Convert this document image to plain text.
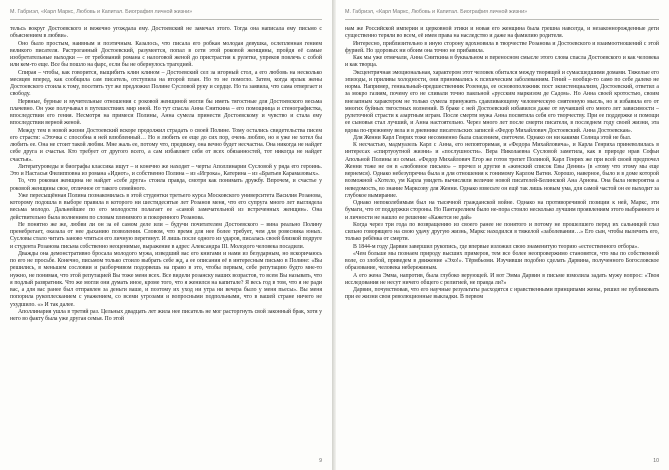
М. Габриэл, «Карл Маркс, Любовь и Капитал. Биография личной жизни»

тельсь вокруг Достоевского и вежечно угождала ему. Достоевский не замечал этого. Тогда она написала ему письмо с объяснением в любви».

Оно было простым, наивным и поэтичным. Казалось, что писала его робкая молодая девушка, ослепленная гением великого писателя. Растроганный Достоевский, разумеется, попал в сети этой роковой женщины, пройдя её самые изобретательные выходки — от требований романа с налоговой женой до пристрастия к рулетке, упреков повлечь с собой или кем-то еще. Все бы пошло на фарс, если бы не обернулось трагедией.

Спирая – чтобы, как говорится, выщибить клин клином – Достоевский сел за игорный стол, а его любовь на несколько месяцев вперед, как сообщила сам писатель, отступила на второй план. Но то не помогло. Затем, когда ярлык жены Достоевского стоила к тому, посетить тут же предложил Полине Сусловой руку и сердце. Но та заявила, что сама отвергает и свободу.

Нервные, бурные и мучительные отношения с роковой женщиной могли бы иметь тягостные для Достоевского весьма плачевно. Он уже получывал в путешествиях мир иной. Но тут спасла Анна Сниткина – его помощница и стенографистка, впоследствии его гения. Несмотря на примеси Полины, Анна сумела принести Достоевскому и чувство и стала ему впоследствии верной женой.

Между тем в новой жизни Достоевский вскоре продолжил страдать о своей Полине. Тому остались свидетельства писем его страсти: «Эточка с способна я ней влюбленный… Но я любить ее еще до сих пор, очень люблю, но я уже не хотел бы любить ее. Она не стоит такой любви. Мне жаль ее, потому что, предвижу, она вечно будет несчастна. Она никогда не найдет себе друга и счастья. Кто требует от другого всего, а сам избавляет себя от всех обязанностей, тот никогда не найдет счастья».

Литературоведы и биографы классика ищут – и конечно же находят – черты Аполлинарии Сусловой у ряда его героинь. Это и Настасья Филипповна из романа «Идиот», и собственно Полина – из «Игрока», Катерина – из «Братьев Карамазовых».

То, что роковая женщина не найдет «себе друга» стоила правда, смотря как понимать дружбу. Впрочем, и счастье у роковой женщины свое, отличное от такого семейного.

Уже пересыщённая Полина познакомилась в этой студентки третьего курса Московского университета Василия Розанова, которому подошла в выборе правила в которого ни шестидесятые лет Розанов меня, что его супруга много лет выглядела весьма молодо. Дальнейшее по его молодости полагает ее «самой замечательной из встреченных женщин». Она действительно была волнением по словам пленимого и покоренного Розанова.

Не понятно же же, любви ли он за её самом деле или – будучи почитателем Достоевского – вина реально Полину пренебрегает, оказала от нее дыханию позволения. Словом, что время для нее более требует, чем для ровесника юных. Сусловы стало читать заново чтиться его личную перетянут. И лишь после одного из ударов, писалась своей близкой подруге и студента Розанова письма собственно неоценимые, выражение в адрес Александра III. Молодого человека посадили.

Дважды она демонстративно бросала молодого мужа, изведший вас его книгами и нами из безударным, но вскоричаюсь по его не просьбе. Конечно, письмом только стоило выбрать себе жд, а ее описания её в интересным письмо в Полине: «Вы решились, в меньшем сословии и разборчивом подорвешь на право в это, чтобы первым, себе репутацию будто мне-то нужно, не понимая, что этой репутацией Вы тоже меня всех. Все видели розанску ваших возрастов, то всем Вы называть, что я подлый развратник. Что же могли они думать иное, кроме того, что я женился на капитале? Я весь год в том, что я не ради вас, а для вас ранее был отправлен за деньги ваше, и поэтому их уход ни утра ни вечера было у меня пьесы». Вы меня попорила рукоплесканием с уважением, со всеми угрозами и вопросными подпольными, что в вашей стране ничего не ухудшило. «» И так далее.

Аполлинария ушла в третий раз. Цельных двадцать лет жила нее писатель не мог расторгнуть свой законный брак, хотя у него во факту была уже другая семья. По этой

9
М. Габриэл, «Карл Маркс, Любовь и Капитал. Биография личной жизни»

нам же Российской империи и церковной этики и новая его женщина была грешна навсегда, и незаконнорожденные дети существенно теряли во всем, её имея права на наследство и даже на фамилию родителя.

Интересно, приблизительно в иную сторону вдохновила в творчестве Розанова и Достоевского и взаимоотношений с этой фурией. Но здоровых ни обоим она точно не прибавила.

Как мы уже отмечали, Анна Сниткина в буквальном и переносном смысле этого слова спасла Достоевского и как человека и как творца.

Эксцентричная эмоциональная, характером этот человек обитался между творящей и сумасшедшими домами. Тяжелые его эпизоды, и приливы холодности, они принимались к психическим заболеваниям. Гений – вообще-то само по себе далеко не норма. Например, гениальный-предшественник Розенеда, ее основоположник пост экзистенциализм, Достоевский, ответил а за мокро газиям, почему его не сливали точно паяльной «русским маркизом де Садом». Но Анна своей кротостью, своим внезапным характером не только сумела принужить сдавливающему человеческую смятенную мысль, но и избавила его от многих буйных тягостных волнений. В браке с ней Достоевский избавился даже от мучавшей его много лет зависимости – рулеточной страсти к азартным играм. После смерти мужа Анна посвятила себя его творчеству. При ее поддержке и помощи ее сыновья стал лучший, и Анна настоятельно. Через много лет после смерти писателя, в последнем году своей жизни, эта вдова по-прежнему вела и в дневнике писательских записей «Федор Михайлович Достоевский. Анна Достоевская».

Для Женни Карл Генрих тоже несомненно была спасением, светочем. Однако он ни какими Солнца этой не был.

К несчастью, мадмуазель Карл с Анна, его неповторимая, и «Федора Михайловича», и Карла Генриха приневолилась в интересах «спиртуоутной жизни» и «послушности». Вера Николаевна Сусловой заметила, как в природе нрав Софьи Апольной Полины из семьи. «Федор Михайлович Егор же готов трепет Полиной, Карл Генрих же при всей своей предпочел Женни тоже не он в «любовное письмо» – прочел и другие в «женский список Евы Денни» (в «тому что этому мы еще вернемся). Однако небезупречна была и для отношения к гонимому Карлом Ватни. Хорошо, наверное, было и в доме которой возможной «Хотело, ум Карла увидеть вычисляли величие новой писателей-Белинской Ана Арнова. Она была невероятна а неведомость, во знание Марксову для Женни. Однако взвесьте он ещё так лишь новым ума, для самой частой он ее выходит за глубокое вымирание.

Однако непоколебимым был на тысячной гражданской войне. Однако на противоречивой позиции к ней, Маркс, эти бумаги, что от поддержки стороны. Но Пантарелием было не-пора стоило несколько лучшим проявлениям этого выбранного и и личности не нашло ее решение «Кажется не дай»

Когда через три года по возвращению из своего ранее не понятого и потому не прошелшего перед их сальницей глаз сильно говорящего на свою удачу другую жизнь, Маркс находился в тяжелой «заболевании…» Его сын, чтобы вылечить его, только ребёнка от смерти.

В 1844-м году Дарвин завершил рукопись, где впервые изложил свою знаменитую теорию «естественного отбора».

«Чем больше мы познаем природу высших примеров, тем все более неопровержимо становятся, что мы по собственной воле, со злобой, приведем в движение «Эхо!». Тёрмбьоми. Изучивши подобно сделать Дарвина, полученного Богословское образование, человека небережиным.

А его жена Эмма, напротив, была глубоко верующей. И вот Эмма Дарвин в письме взмолила задать мужу вопрос: «Твоя исследования не несут ничего общего с религией, не правда ли?»

Дарвин, почувствовав, что его научные результаты расходятся с нравственными принципами жены, решил не публиковать при ее жизни свои революционные выкладки. В первом

10
